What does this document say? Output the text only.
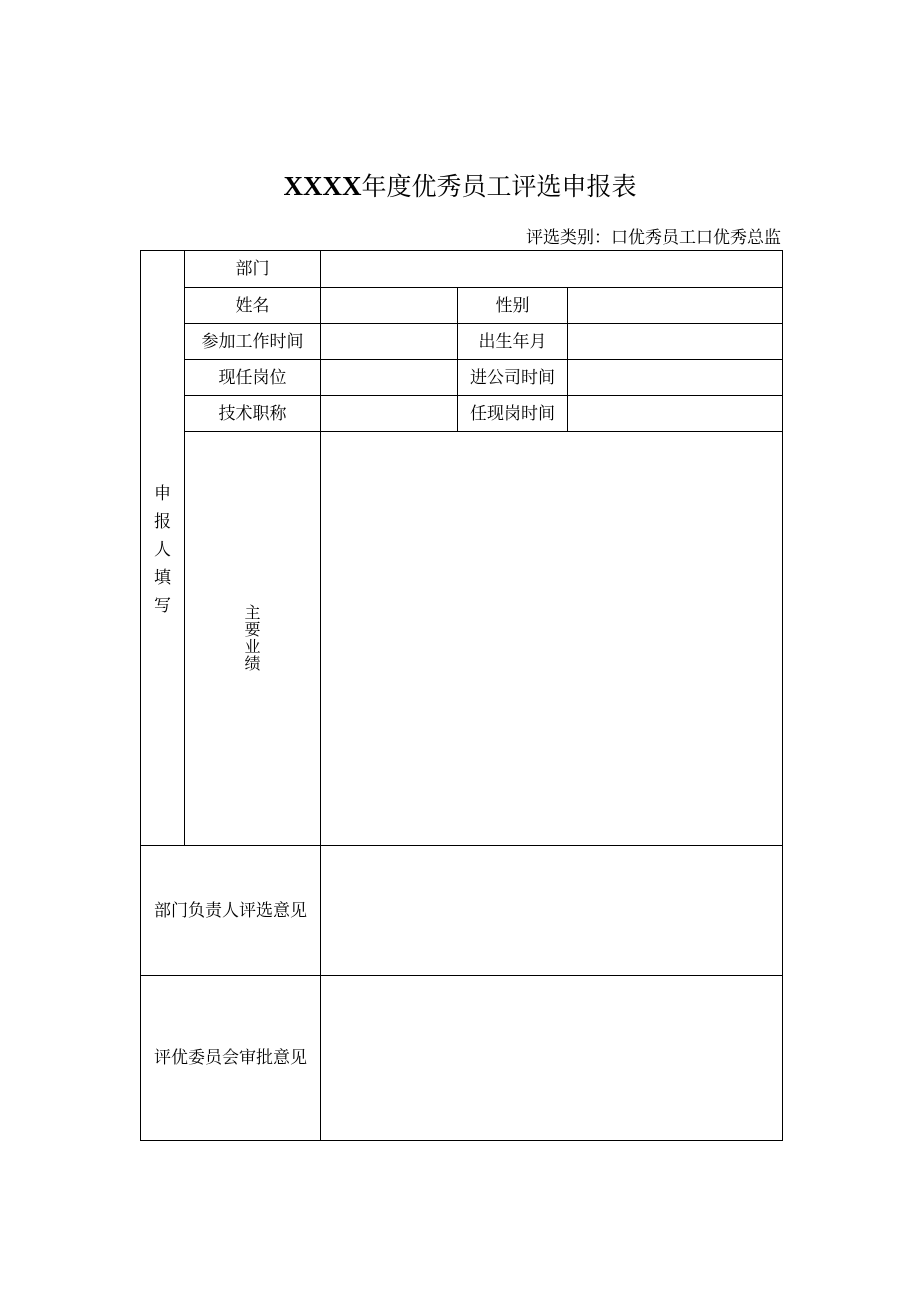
XXXX年度优秀员工评选申报表
评选类别：口优秀员工口优秀总监
申
报
人
填
写
部门
姓名	性别
参加工作时间	出生年月
现任岗位	进公司时间
技术职称	任现岗时间
主
要
业
绩
部门负责人评选意见
评优委员会审批意见
